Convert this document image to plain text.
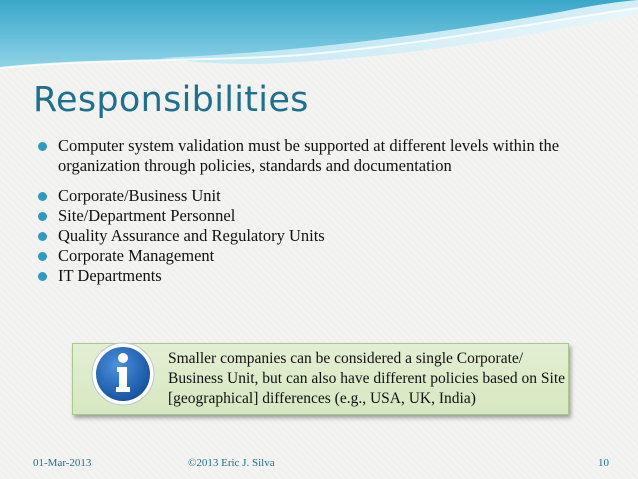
Responsibilities
Computer system validation must be supported at different levels within the organization through policies, standards and documentation
Corporate/Business Unit
Site/Department Personnel
Quality Assurance and Regulatory Units
Corporate Management
IT Departments
Smaller companies can be considered a single Corporate/ Business Unit, but can also have different policies based on Site [geographical] differences (e.g., USA, UK, India)
01-Mar-2013	©2013 Eric J. Silva	10
